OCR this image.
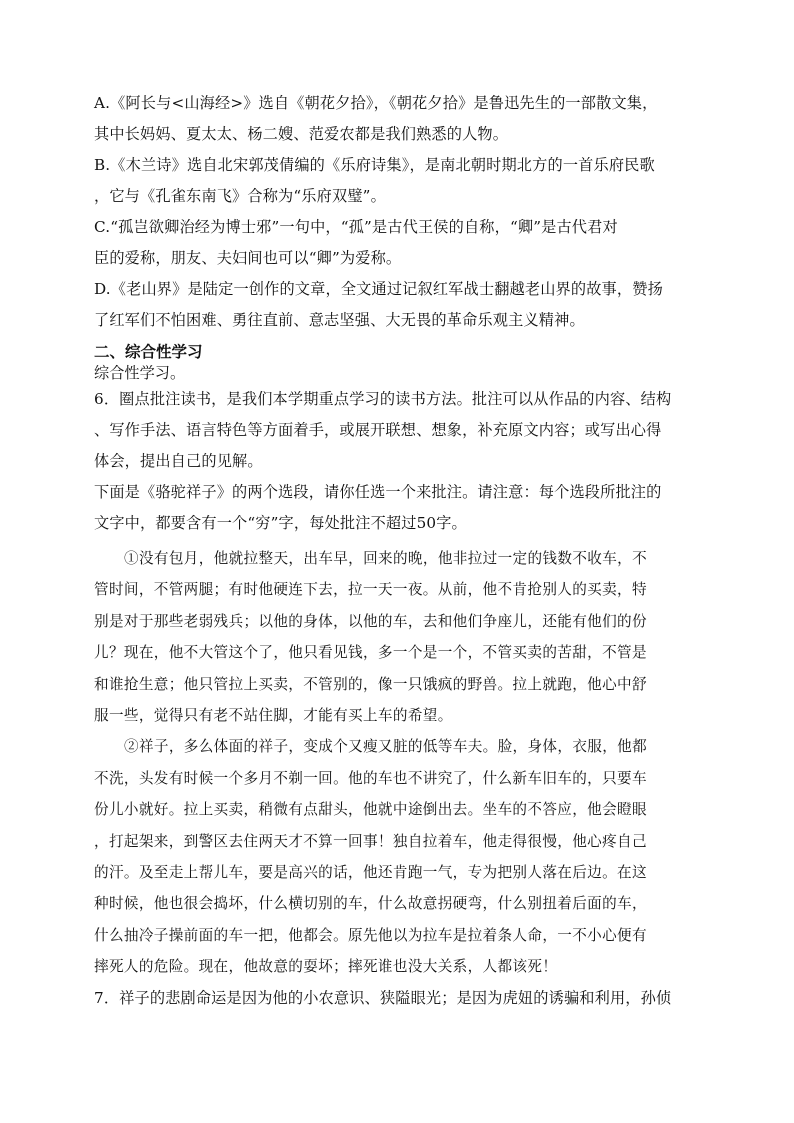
A.《阿长与<山海经>》选自《朝花夕拾》，《朝花夕拾》是鲁迅先生的一部散文集，
其中长妈妈、夏太太、杨二嫂、范爱农都是我们熟悉的人物。
B.《木兰诗》选自北宋郭茂倩编的《乐府诗集》，是南北朝时期北方的一首乐府民歌
，它与《孔雀东南飞》合称为“乐府双璧”。
C.“孤岂欲卿治经为博士邪”一句中，“孤”是古代王侯的自称，“卿”是古代君对
臣的爱称，朋友、夫妇间也可以“卿”为爱称。
D.《老山界》是陆定一创作的文章，全文通过记叙红军战士翻越老山界的故事，赞扬
了红军们不怕困难、勇往直前、意志坚强、大无畏的革命乐观主义精神。
二、综合性学习
综合性学习。
6．圈点批注读书，是我们本学期重点学习的读书方法。批注可以从作品的内容、结构
、写作手法、语言特色等方面着手，或展开联想、想象，补充原文内容；或写出心得
体会，提出自己的见解。
下面是《骆驼祥子》的两个选段，请你任选一个来批注。请注意：每个选段所批注的
文字中，都要含有一个“穷”字，每处批注不超过50字。
①没有包月，他就拉整天，出车早，回来的晚，他非拉过一定的钱数不收车，不
管时间，不管两腿；有时他硬连下去，拉一天一夜。从前，他不肯抢别人的买卖，特
别是对于那些老弱残兵；以他的身体，以他的车，去和他们争座儿，还能有他们的份
儿？现在，他不大管这个了，他只看见钱，多一个是一个，不管买卖的苦甜，不管是
和谁抢生意；他只管拉上买卖，不管别的，像一只饿疯的野兽。拉上就跑，他心中舒
服一些，觉得只有老不站住脚，才能有买上车的希望。
②祥子，多么体面的祥子，变成个又瘦又脏的低等车夫。脸，身体，衣服，他都
不洗，头发有时候一个多月不剃一回。他的车也不讲究了，什么新车旧车的，只要车
份儿小就好。拉上买卖，稍微有点甜头，他就中途倒出去。坐车的不答应，他会瞪眼
，打起架来，到警区去住两天才不算一回事！独自拉着车，他走得很慢，他心疼自己
的汗。及至走上帮儿车，要是高兴的话，他还肯跑一气，专为把别人落在后边。在这
种时候，他也很会捣坏，什么横切别的车，什么故意拐硬弯，什么别扭着后面的车，
什么抽冷子操前面的车一把，他都会。原先他以为拉车是拉着条人命，一不小心便有
摔死人的危险。现在，他故意的耍坏；摔死谁也没大关系，人都该死！
7．祥子的悲剧命运是因为他的小农意识、狭隘眼光；是因为虎妞的诱骗和利用，孙侦
